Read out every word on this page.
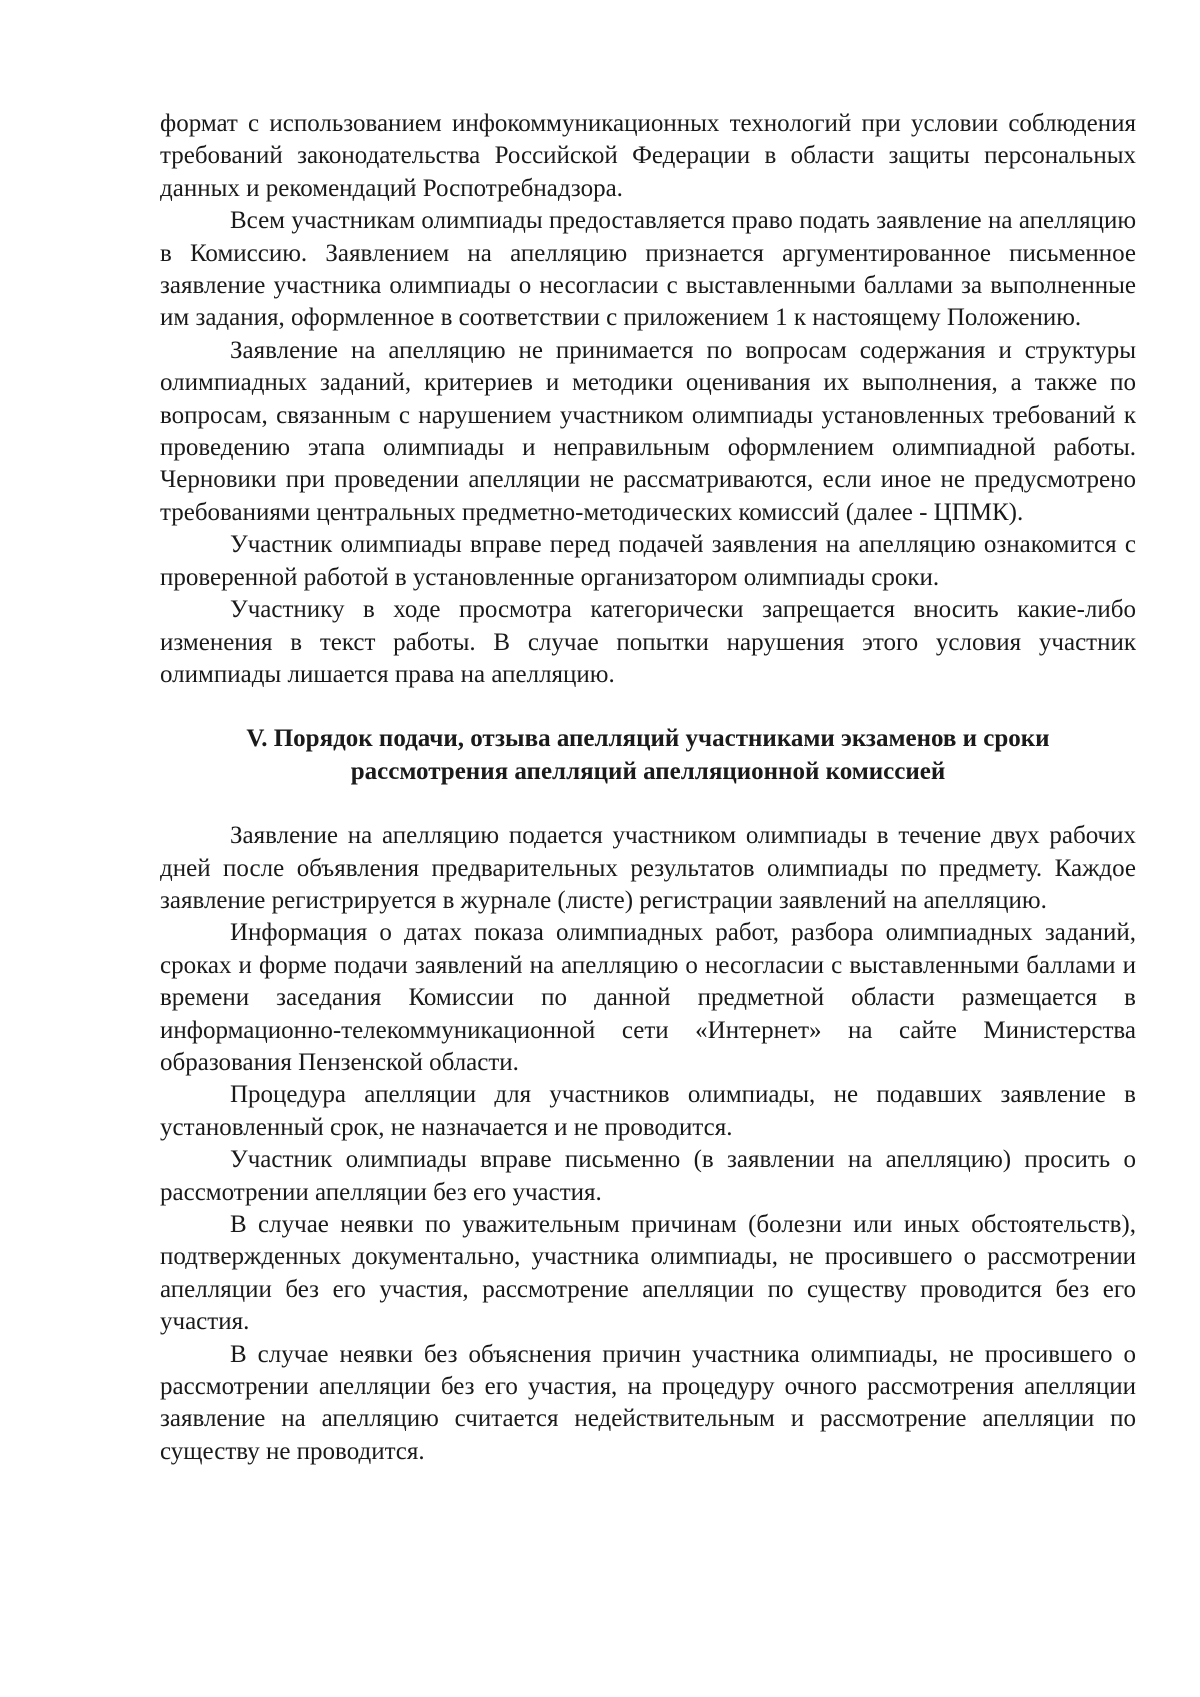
формат с использованием инфокоммуникационных технологий при условии соблюдения требований законодательства Российской Федерации в области защиты персональных данных и рекомендаций Роспотребнадзора.

Всем участникам олимпиады предоставляется право подать заявление на апелляцию в Комиссию. Заявлением на апелляцию признается аргументированное письменное заявление участника олимпиады о несогласии с выставленными баллами за выполненные им задания, оформленное в соответствии с приложением 1 к настоящему Положению.

Заявление на апелляцию не принимается по вопросам содержания и структуры олимпиадных заданий, критериев и методики оценивания их выполнения, а также по вопросам, связанным с нарушением участником олимпиады установленных требований к проведению этапа олимпиады и неправильным оформлением олимпиадной работы. Черновики при проведении апелляции не рассматриваются, если иное не предусмотрено требованиями центральных предметно-методических комиссий (далее - ЦПМК).

Участник олимпиады вправе перед подачей заявления на апелляцию ознакомится с проверенной работой в установленные организатором олимпиады сроки.

Участнику в ходе просмотра категорически запрещается вносить какие-либо изменения в текст работы. В случае попытки нарушения этого условия участник олимпиады лишается права на апелляцию.

V. Порядок подачи, отзыва апелляций участниками экзаменов и сроки рассмотрения апелляций апелляционной комиссией

Заявление на апелляцию подается участником олимпиады в течение двух рабочих дней после объявления предварительных результатов олимпиады по предмету. Каждое заявление регистрируется в журнале (листе) регистрации заявлений на апелляцию.

Информация о датах показа олимпиадных работ, разбора олимпиадных заданий, сроках и форме подачи заявлений на апелляцию о несогласии с выставленными баллами и времени заседания Комиссии по данной предметной области размещается в информационно-телекоммуникационной сети «Интернет» на сайте Министерства образования Пензенской области.

Процедура апелляции для участников олимпиады, не подавших заявление в установленный срок, не назначается и не проводится.

Участник олимпиады вправе письменно (в заявлении на апелляцию) просить о рассмотрении апелляции без его участия.

В случае неявки по уважительным причинам (болезни или иных обстоятельств), подтвержденных документально, участника олимпиады, не просившего о рассмотрении апелляции без его участия, рассмотрение апелляции по существу проводится без его участия.

В случае неявки без объяснения причин участника олимпиады, не просившего о рассмотрении апелляции без его участия, на процедуру очного рассмотрения апелляции заявление на апелляцию считается недействительным и рассмотрение апелляции по существу не проводится.
